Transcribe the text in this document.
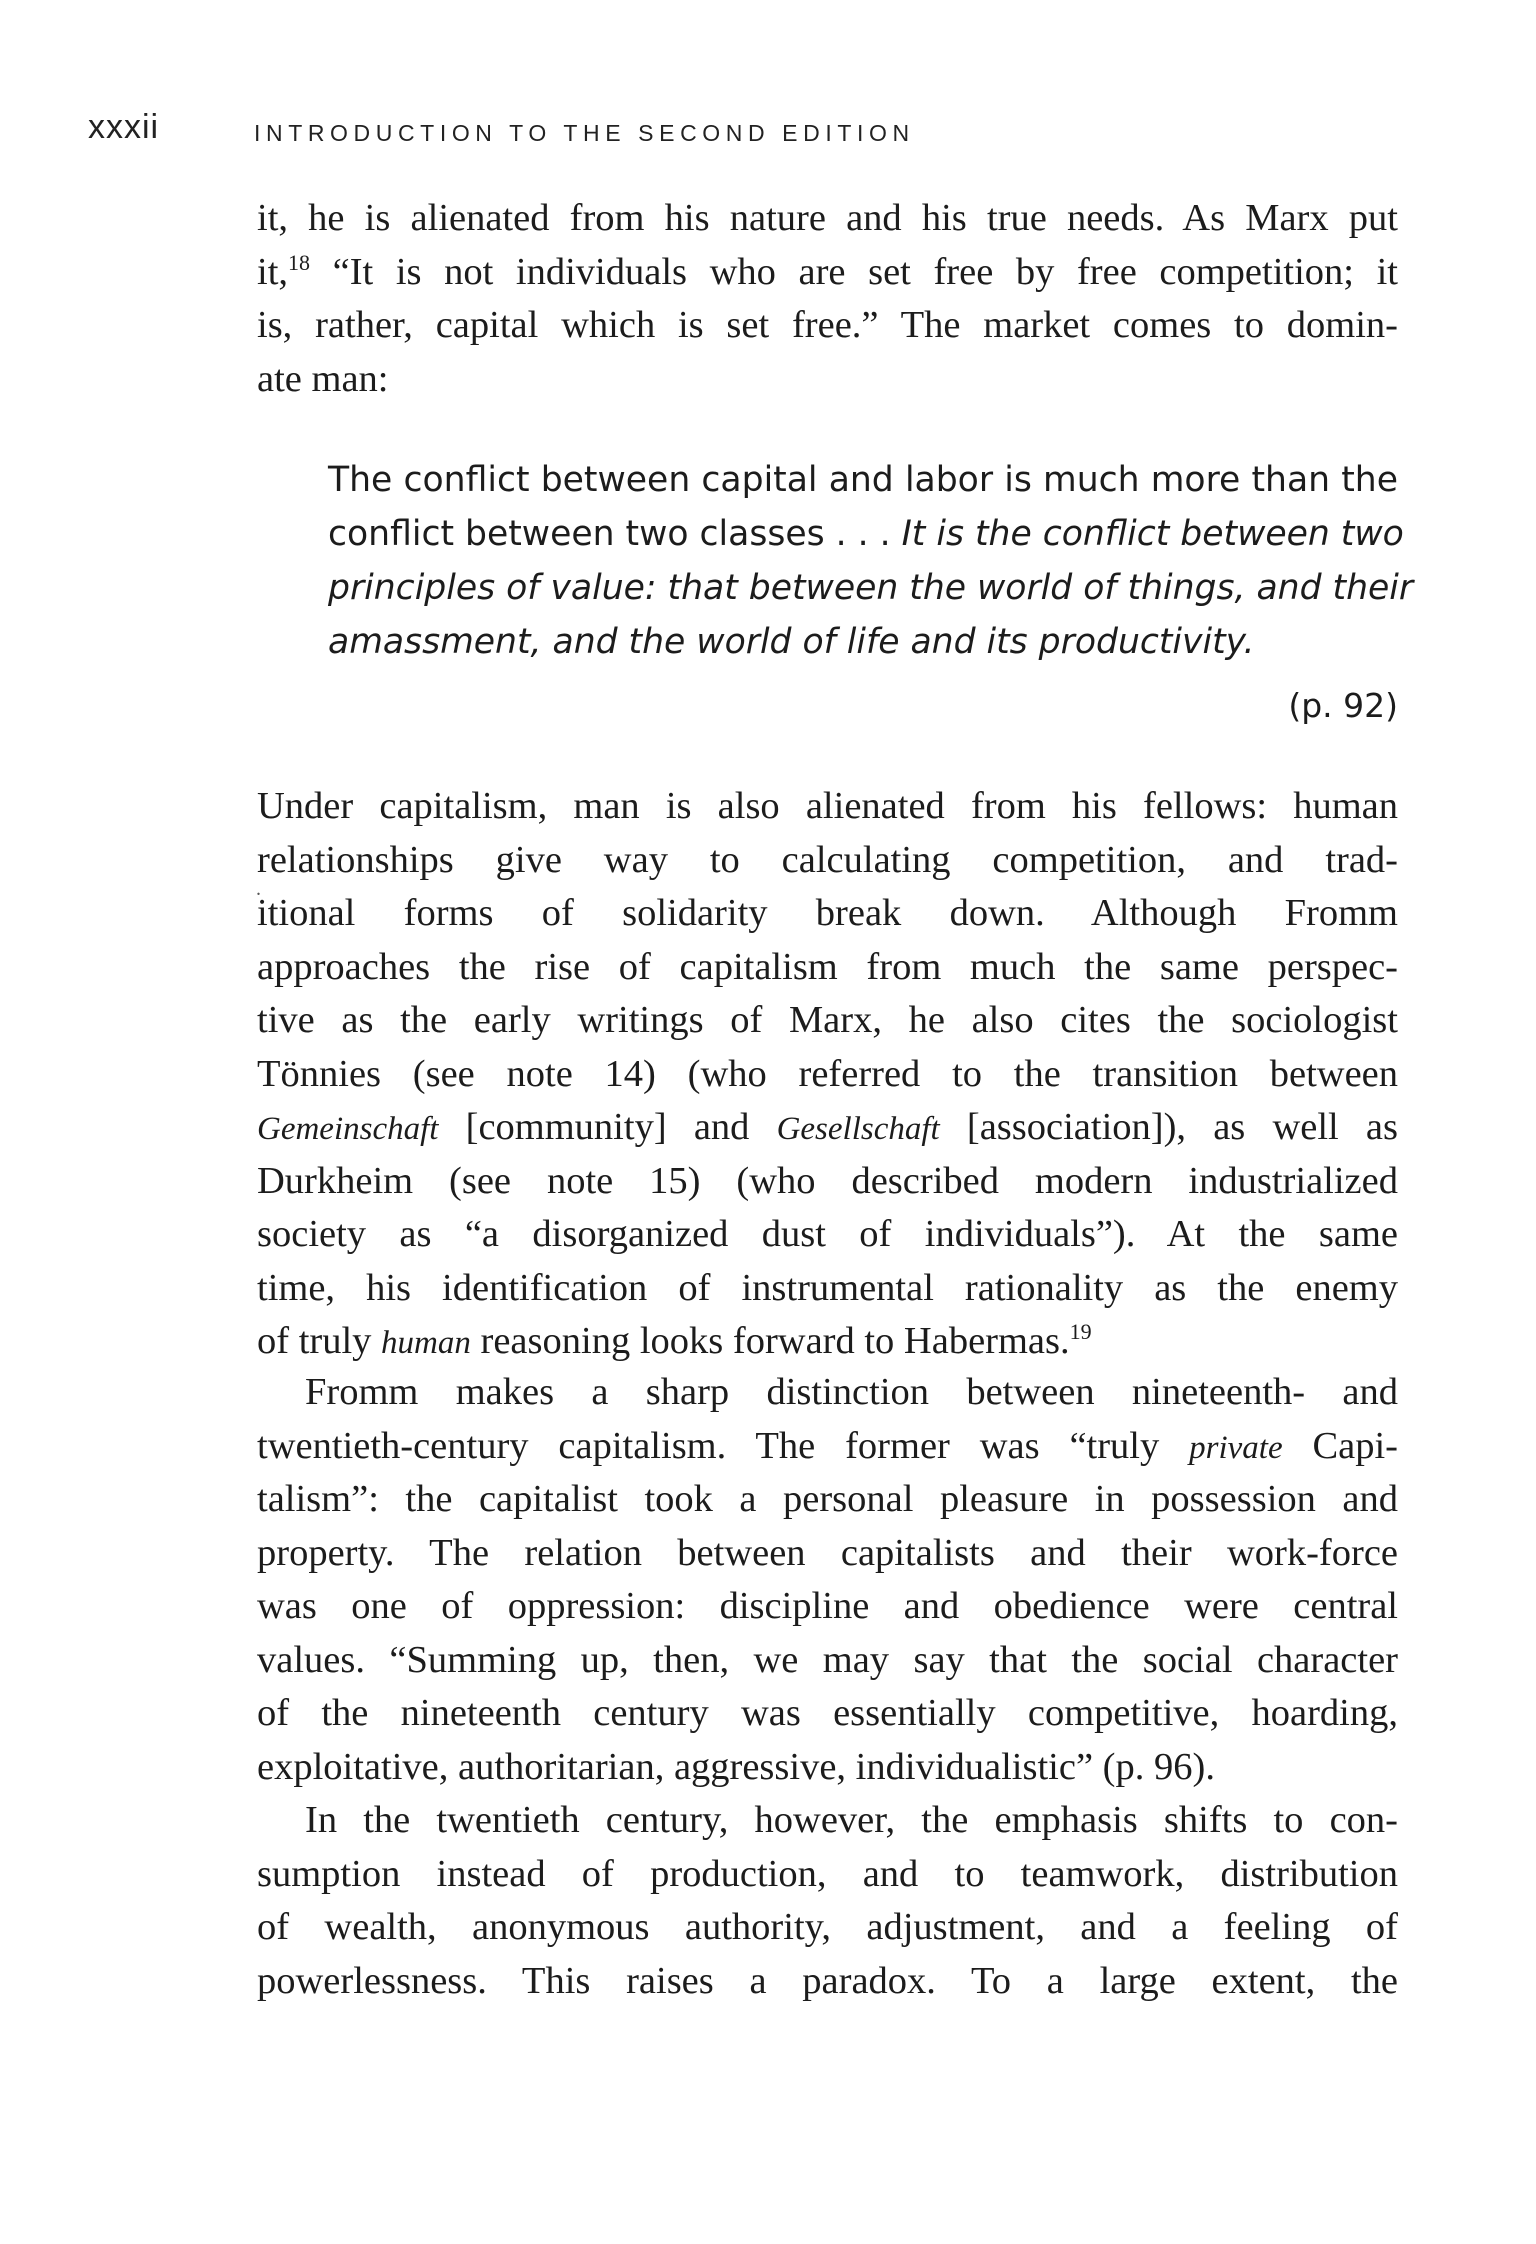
xxxii	INTRODUCTION TO THE SECOND EDITION
it, he is alienated from his nature and his true needs. As Marx put
it,$^{18}$ “It is not individuals who are set free by free competition; it
is, rather, capital which is set free.” The market comes to domin-
ate man:
The conflict between capital and labor is much more than the
conflict between two classes . . . It is the conflict between two
principles of value: that between the world of things, and their
amassment, and the world of life and its productivity.
(p. 92)
.
Under capitalism, man is also alienated from his fellows: human
relationships give way to calculating competition, and trad-
itional forms of solidarity break down. Although Fromm
approaches the rise of capitalism from much the same perspec-
tive as the early writings of Marx, he also cites the sociologist
Tönnies (see note 14) (who referred to the transition between
Gemeinschaft [community] and Gesellschaft [association]), as well as
Durkheim (see note 15) (who described modern industrialized
society as “a disorganized dust of individuals”). At the same
time, his identification of instrumental rationality as the enemy
of truly human reasoning looks forward to Habermas.$^{19}$
Fromm makes a sharp distinction between nineteenth- and
twentieth-century capitalism. The former was “truly private Capi-
talism”: the capitalist took a personal pleasure in possession and
property. The relation between capitalists and their work-force
was one of oppression: discipline and obedience were central
values. “Summing up, then, we may say that the social character
of the nineteenth century was essentially competitive, hoarding,
exploitative, authoritarian, aggressive, individualistic” (p. 96).
In the twentieth century, however, the emphasis shifts to con-
sumption instead of production, and to teamwork, distribution
of wealth, anonymous authority, adjustment, and a feeling of
powerlessness. This raises a paradox. To a large extent, the
